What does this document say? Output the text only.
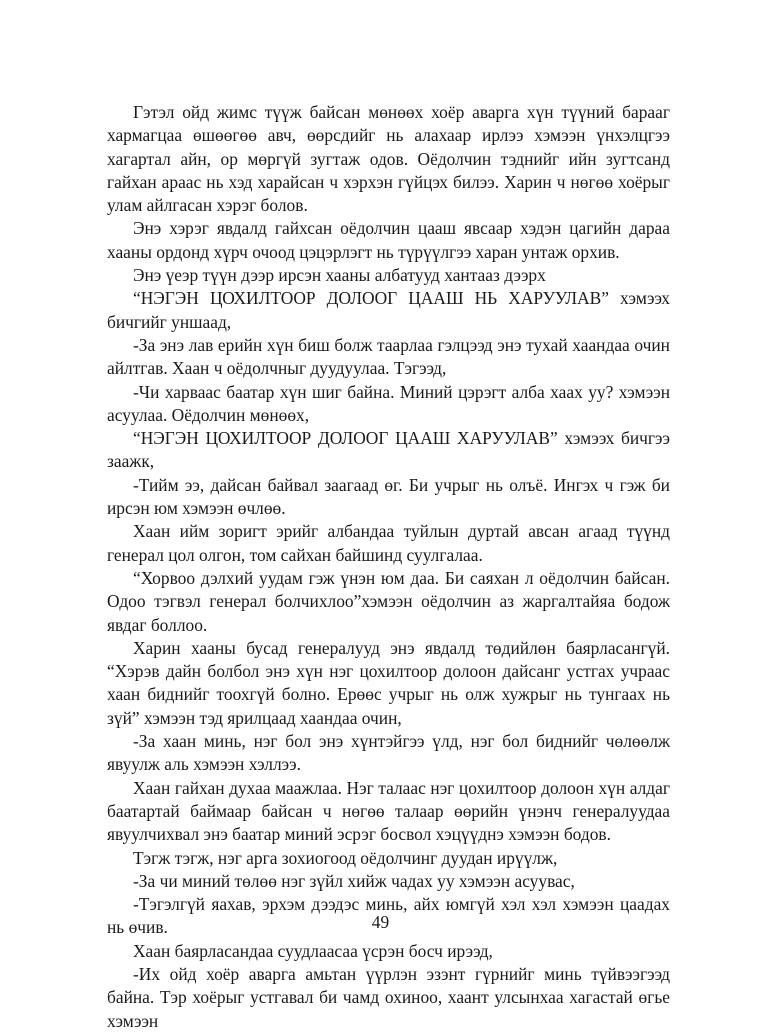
Гэтэл ойд жимс түүж байсан мөнөөх хоёр аварга хүн түүний барааг хармагцаа өшөөгөө авч, өөрсдийг нь алахаар ирлээ хэмээн үнхэлцгээ хагартал айн, ор мөргүй зугтаж одов. Оёдолчин тэднийг ийн зугтсанд гайхан араас нь хэд харайсан ч хэрхэн гүйцэх билээ. Харин ч нөгөө хоёрыг улам айлгасан хэрэг болов.

Энэ хэрэг явдалд гайхсан оёдолчин цааш явсаар хэдэн цагийн дараа хааны ордонд хүрч очоод цэцэрлэгт нь түрүүлгээ харан унтаж орхив.

Энэ үеэр түүн дээр ирсэн хааны албатууд хантааз дээрх

“НЭГЭН ЦОХИЛТООР ДОЛООГ ЦААШ НЬ ХАРУУЛАВ” хэмээх бичгийг уншаад,

-За энэ лав ерийн хүн биш болж таарлаа гэлцээд энэ тухай хаандаа очин айлтгав. Хаан ч оёдолчныг дуудуулаа. Тэгээд,

-Чи харваас баатар хүн шиг байна. Миний цэрэгт алба хаах уу? хэмээн асуулаа. Оёдолчин мөнөөх,

“НЭГЭН ЦОХИЛТООР ДОЛООГ ЦААШ ХАРУУЛАВ” хэмээх бичгээ заажк,

-Тийм ээ, дайсан байвал заагаад өг. Би учрыг нь олъё. Ингэх ч гэж би ирсэн юм хэмээн өчлөө.

Хаан ийм зоригт эрийг албандаа туйлын дуртай авсан агаад түүнд генерал цол олгон, том сайхан байшинд суулгалаа.

“Хорвоо дэлхий уудам гэж үнэн юм даа. Би саяхан л оёдолчин байсан. Одоо тэгвэл генерал болчихлоо”хэмээн оёдолчин аз жаргалтайяа бодож явдаг боллоо.

Харин хааны бусад генералууд энэ явдалд төдийлөн баярласангүй. “Хэрэв дайн болбол энэ хүн нэг цохилтоор долоон дайсанг устгах учраас хаан биднийг тоохгүй болно. Ерөөс учрыг нь олж хужрыг нь тунгаах нь зүй” хэмээн тэд ярилцаад хаандаа очин,

-За хаан минь, нэг бол энэ хүнтэйгээ үлд, нэг бол биднийг чөлөөлж явуулж аль хэмээн хэллээ.

Хаан гайхан духаа маажлаа. Нэг талаас нэг цохилтоор долоон хүн алдаг баатартай баймаар байсан ч нөгөө талаар өөрийн үнэнч генералуудаа явуулчихвал энэ баатар миний эсрэг босвол хэцүүднэ хэмээн бодов.

Тэгж тэгж, нэг арга зохиогоод оёдолчинг дуудан ирүүлж,

-За чи миний төлөө нэг зүйл хийж чадах уу хэмээн асуувас,

-Тэгэлгүй яахав, эрхэм дээдэс минь, айх юмгүй хэл хэл хэмээн цаадах нь өчив.

Хаан баярласандаа суудлаасаа үсрэн босч ирээд,

-Их ойд хоёр аварга амьтан үүрлэн эзэнт гүрнийг минь түйвээгээд байна. Тэр хоёрыг устгавал би чамд охиноо, хаант улсынхаа хагастай өгье хэмээн

49
